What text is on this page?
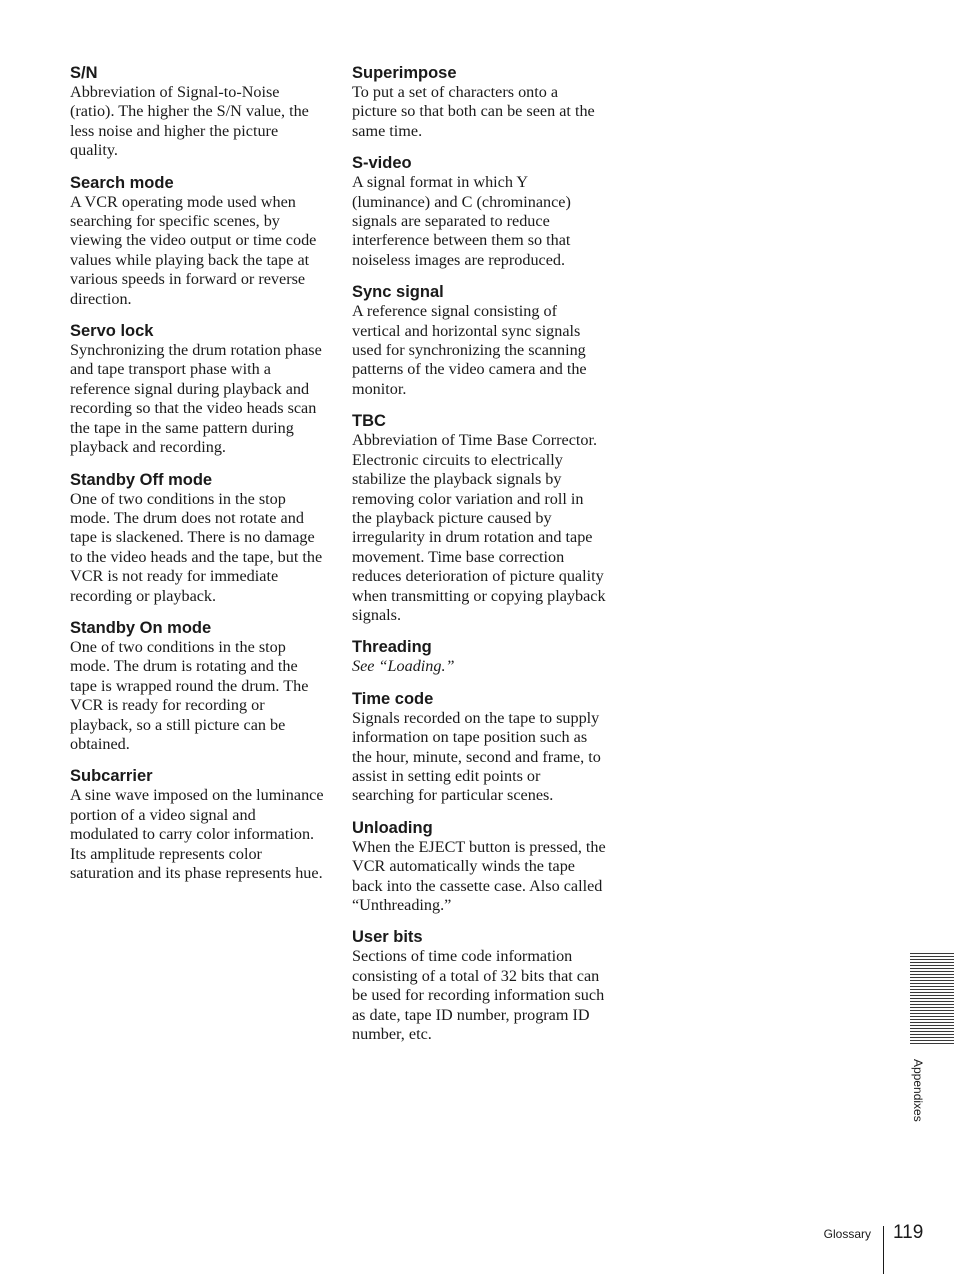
S/N
Abbreviation of Signal-to-Noise (ratio). The higher the S/N value, the less noise and higher the picture quality.
Search mode
A VCR operating mode used when searching for specific scenes, by viewing the video output or time code values while playing back the tape at various speeds in forward or reverse direction.
Servo lock
Synchronizing the drum rotation phase and tape transport phase with a reference signal during playback and recording so that the video heads scan the tape in the same pattern during playback and recording.
Standby Off mode
One of two conditions in the stop mode. The drum does not rotate and tape is slackened. There is no damage to the video heads and the tape, but the VCR is not ready for immediate recording or playback.
Standby On mode
One of two conditions in the stop mode. The drum is rotating and the tape is wrapped round the drum. The VCR is ready for recording or playback, so a still picture can be obtained.
Subcarrier
A sine wave imposed on the luminance portion of a video signal and modulated to carry color information. Its amplitude represents color saturation and its phase represents hue.
Superimpose
To put a set of characters onto a picture so that both can be seen at the same time.
S-video
A signal format in which Y (luminance) and C (chrominance) signals are separated to reduce interference between them so that noiseless images are reproduced.
Sync signal
A reference signal consisting of vertical and horizontal sync signals used for synchronizing the scanning patterns of the video camera and the monitor.
TBC
Abbreviation of Time Base Corrector. Electronic circuits to electrically stabilize the playback signals by removing color variation and roll in the playback picture caused by irregularity in drum rotation and tape movement. Time base correction reduces deterioration of picture quality when transmitting or copying playback signals.
Threading
See “Loading.”
Time code
Signals recorded on the tape to supply information on tape position such as the hour, minute, second and frame, to assist in setting edit points or searching for particular scenes.
Unloading
When the EJECT button is pressed, the VCR automatically winds the tape back into the cassette case. Also called “Unthreading.”
User bits
Sections of time code information consisting of a total of 32 bits that can be used for recording information such as date, tape ID number, program ID number, etc.
Appendixes
Glossary 119
